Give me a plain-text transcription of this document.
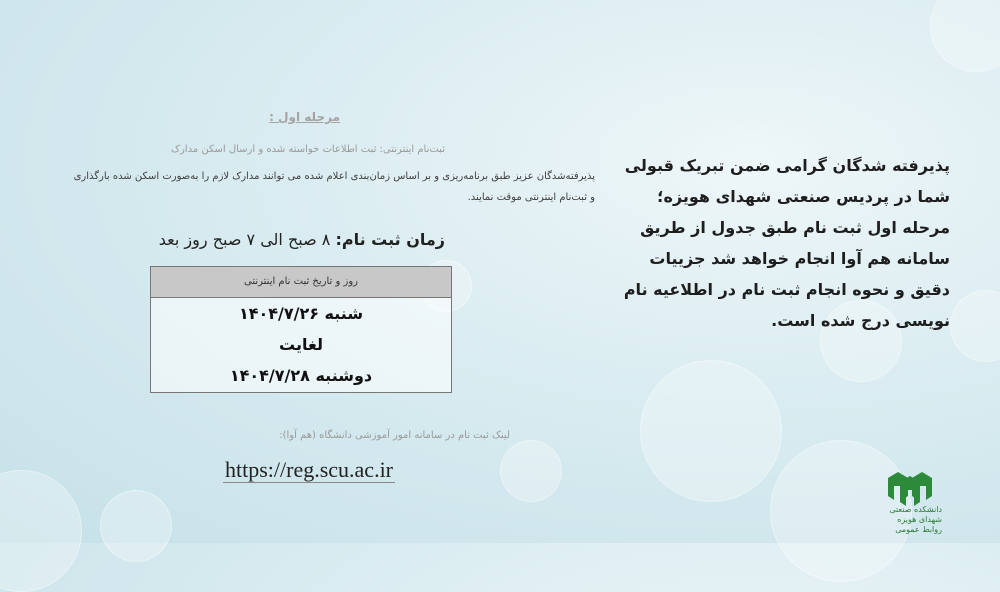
مرحله اول :
ثبت‌نام اینترنتی: ثبت اطلاعات خواسته شده و ارسال اسکن مدارک
پذیرفته‌شدگان عزیز طبق برنامه‌ریزی و بر اساس زمان‌بندی اعلام شده می توانند مدارک لازم را به‌صورت اسکن شده بارگذاری
و ثبت‌نام اینترنتی موقت نمایند.
زمان ثبت نام: ۸ صبح الی ۷ صبح روز بعد
روز و تاریخ ثبت نام اینترنتی
شنبه ۱۴۰۴/۷/۲۶
لغایت
دوشنبه ۱۴۰۴/۷/۲۸
لینک ثبت نام در سامانه امور آموزشی دانشگاه (هم آوا):
https://reg.scu.ac.ir
پذیرفته شدگان گرامی ضمن تبریک قبولی شما در پردیس صنعتی شهدای هویزه؛ مرحله اول ثبت نام طبق جدول از طریق سامانه هم آوا انجام خواهد شد جزییات دقیق و نحوه انجام ثبت نام در اطلاعیه نام نویسی درج شده است.
دانشکده صنعتی شهدای هویزه
روابط عمومی
